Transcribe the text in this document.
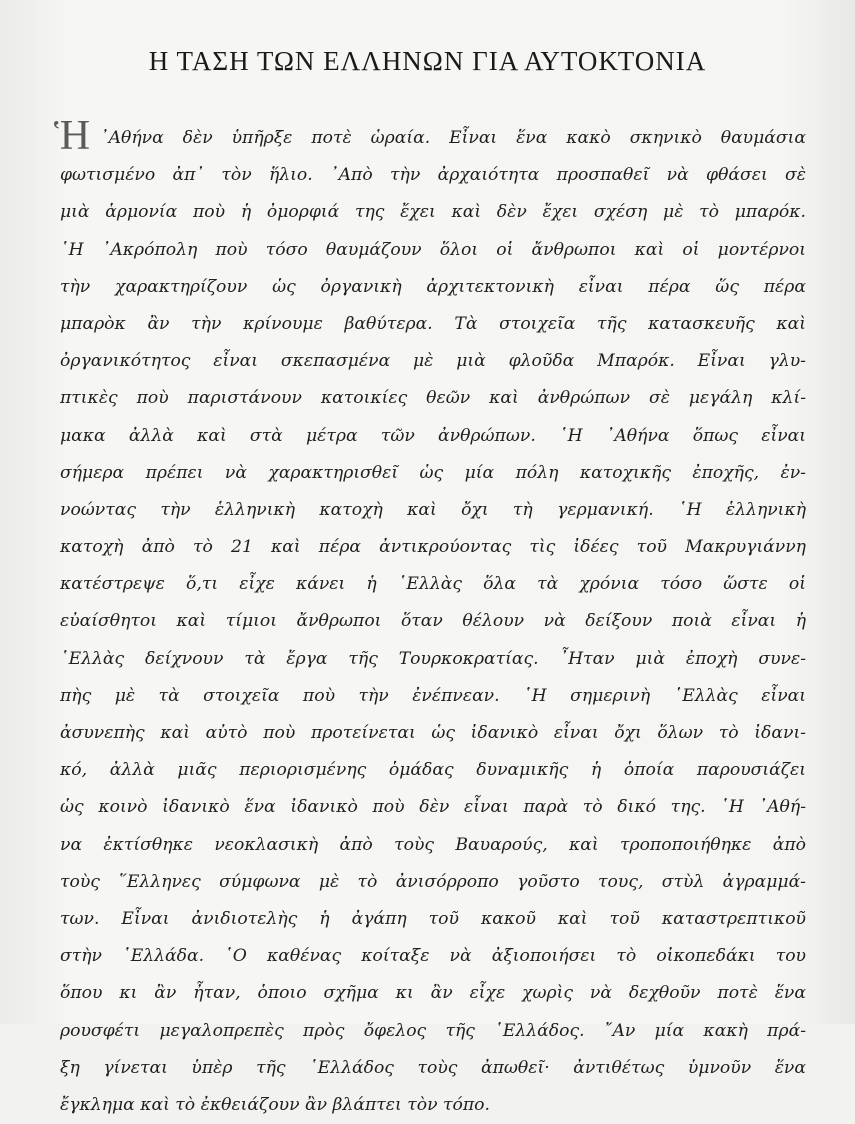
Η ΤΑΣΗ ΤΩΝ ΕΛΛΗΝΩΝ ΓΙΑ ΑΥΤΟΚΤΟΝΙΑ
Ἡ ᾿Αθήνα δὲν ὑπῆρξε ποτὲ ὡραία. Εἶναι ἕνα κακὸ σκηνικὸ θαυμάσια
φωτισμένο ἀπ᾿ τὸν ἥλιο. ᾿Απὸ τὴν ἀρχαιότητα προσπαθεῖ νὰ φθάσει σὲ
μιὰ ἁρμονία ποὺ ἡ ὀμορφιά της ἔχει καὶ δὲν ἔχει σχέση μὲ τὸ μπαρόκ.
῾Η ᾿Ακρόπολη ποὺ τόσο θαυμάζουν ὅλοι οἱ ἄνθρωποι καὶ οἱ μοντέρνοι
τὴν χαρακτηρίζουν ὡς ὀργανικὴ ἀρχιτεκτονικὴ εἶναι πέρα ὥς πέρα
μπαρὸκ ἂν τὴν κρίνουμε βαθύτερα. Τὰ στοιχεῖα τῆς κατασκευῆς καὶ
ὀργανικότητος εἶναι σκεπασμένα μὲ μιὰ φλοῦδα Μπαρόκ. Εἶναι γλυ-
πτικὲς ποὺ παριστάνουν κατοικίες θεῶν καὶ ἀνθρώπων σὲ μεγάλη κλί-
μακα ἀλλὰ καὶ στὰ μέτρα τῶν ἀνθρώπων. ῾Η ᾿Αθήνα ὅπως εἶναι
σήμερα πρέπει νὰ χαρακτηρισθεῖ ὡς μία πόλη κατοχικῆς ἐποχῆς, ἐν-
νοώντας τὴν ἑλληνικὴ κατοχὴ καὶ ὄχι τὴ γερμανική. ῾Η ἑλληνικὴ
κατοχὴ ἀπὸ τὸ 21 καὶ πέρα ἀντικρούοντας τὶς ἰδέες τοῦ Μακρυγιάννη
κατέστρεψε ὅ,τι εἶχε κάνει ἡ ῾Ελλὰς ὅλα τὰ χρόνια τόσο ὥστε οἱ
εὐαίσθητοι καὶ τίμιοι ἄνθρωποι ὅταν θέλουν νὰ δείξουν ποιὰ εἶναι ἡ
῾Ελλὰς δείχνουν τὰ ἔργα τῆς Τουρκοκρατίας. ῏Ηταν μιὰ ἐποχὴ συνε-
πὴς μὲ τὰ στοιχεῖα ποὺ τὴν ἐνέπνεαν. ῾Η σημερινὴ ῾Ελλὰς εἶναι
ἀσυνεπὴς καὶ αὐτὸ ποὺ προτείνεται ὡς ἰδανικὸ εἶναι ὄχι ὅλων τὸ ἰδανι-
κό, ἀλλὰ μιᾶς περιορισμένης ὁμάδας δυναμικῆς ἡ ὁποία παρουσιάζει
ὡς κοινὸ ἰδανικὸ ἕνα ἰδανικὸ ποὺ δὲν εἶναι παρὰ τὸ δικό της. ῾Η ᾿Αθή-
να ἐκτίσθηκε νεοκλασικὴ ἀπὸ τοὺς Βαυαρούς, καὶ τροποποιήθηκε ἀπὸ
τοὺς ῞Ελληνες σύμφωνα μὲ τὸ ἀνισόρροπο γοῦστο τους, στὺλ ἀγραμμά-
των. Εἶναι ἀνιδιοτελὴς ἡ ἀγάπη τοῦ κακοῦ καὶ τοῦ καταστρεπτικοῦ
στὴν ῾Ελλάδα. ῾Ο καθένας κοίταξε νὰ ἀξιοποιήσει τὸ οἰκοπεδάκι του
ὅπου κι ἂν ἦταν, ὁποιο σχῆμα κι ἂν εἶχε χωρὶς νὰ δεχθοῦν ποτὲ ἕνα
ρουσφέτι μεγαλοπρεπὲς πρὸς ὄφελος τῆς ῾Ελλάδος. ῎Αν μία κακὴ πρά-
ξη γίνεται ὑπὲρ τῆς ῾Ελλάδος τοὺς ἀπωθεῖ· ἀντιθέτως ὑμνοῦν ἕνα
ἔγκλημα καὶ τὸ ἐκθειάζουν ἂν βλάπτει τὸν τόπο.
